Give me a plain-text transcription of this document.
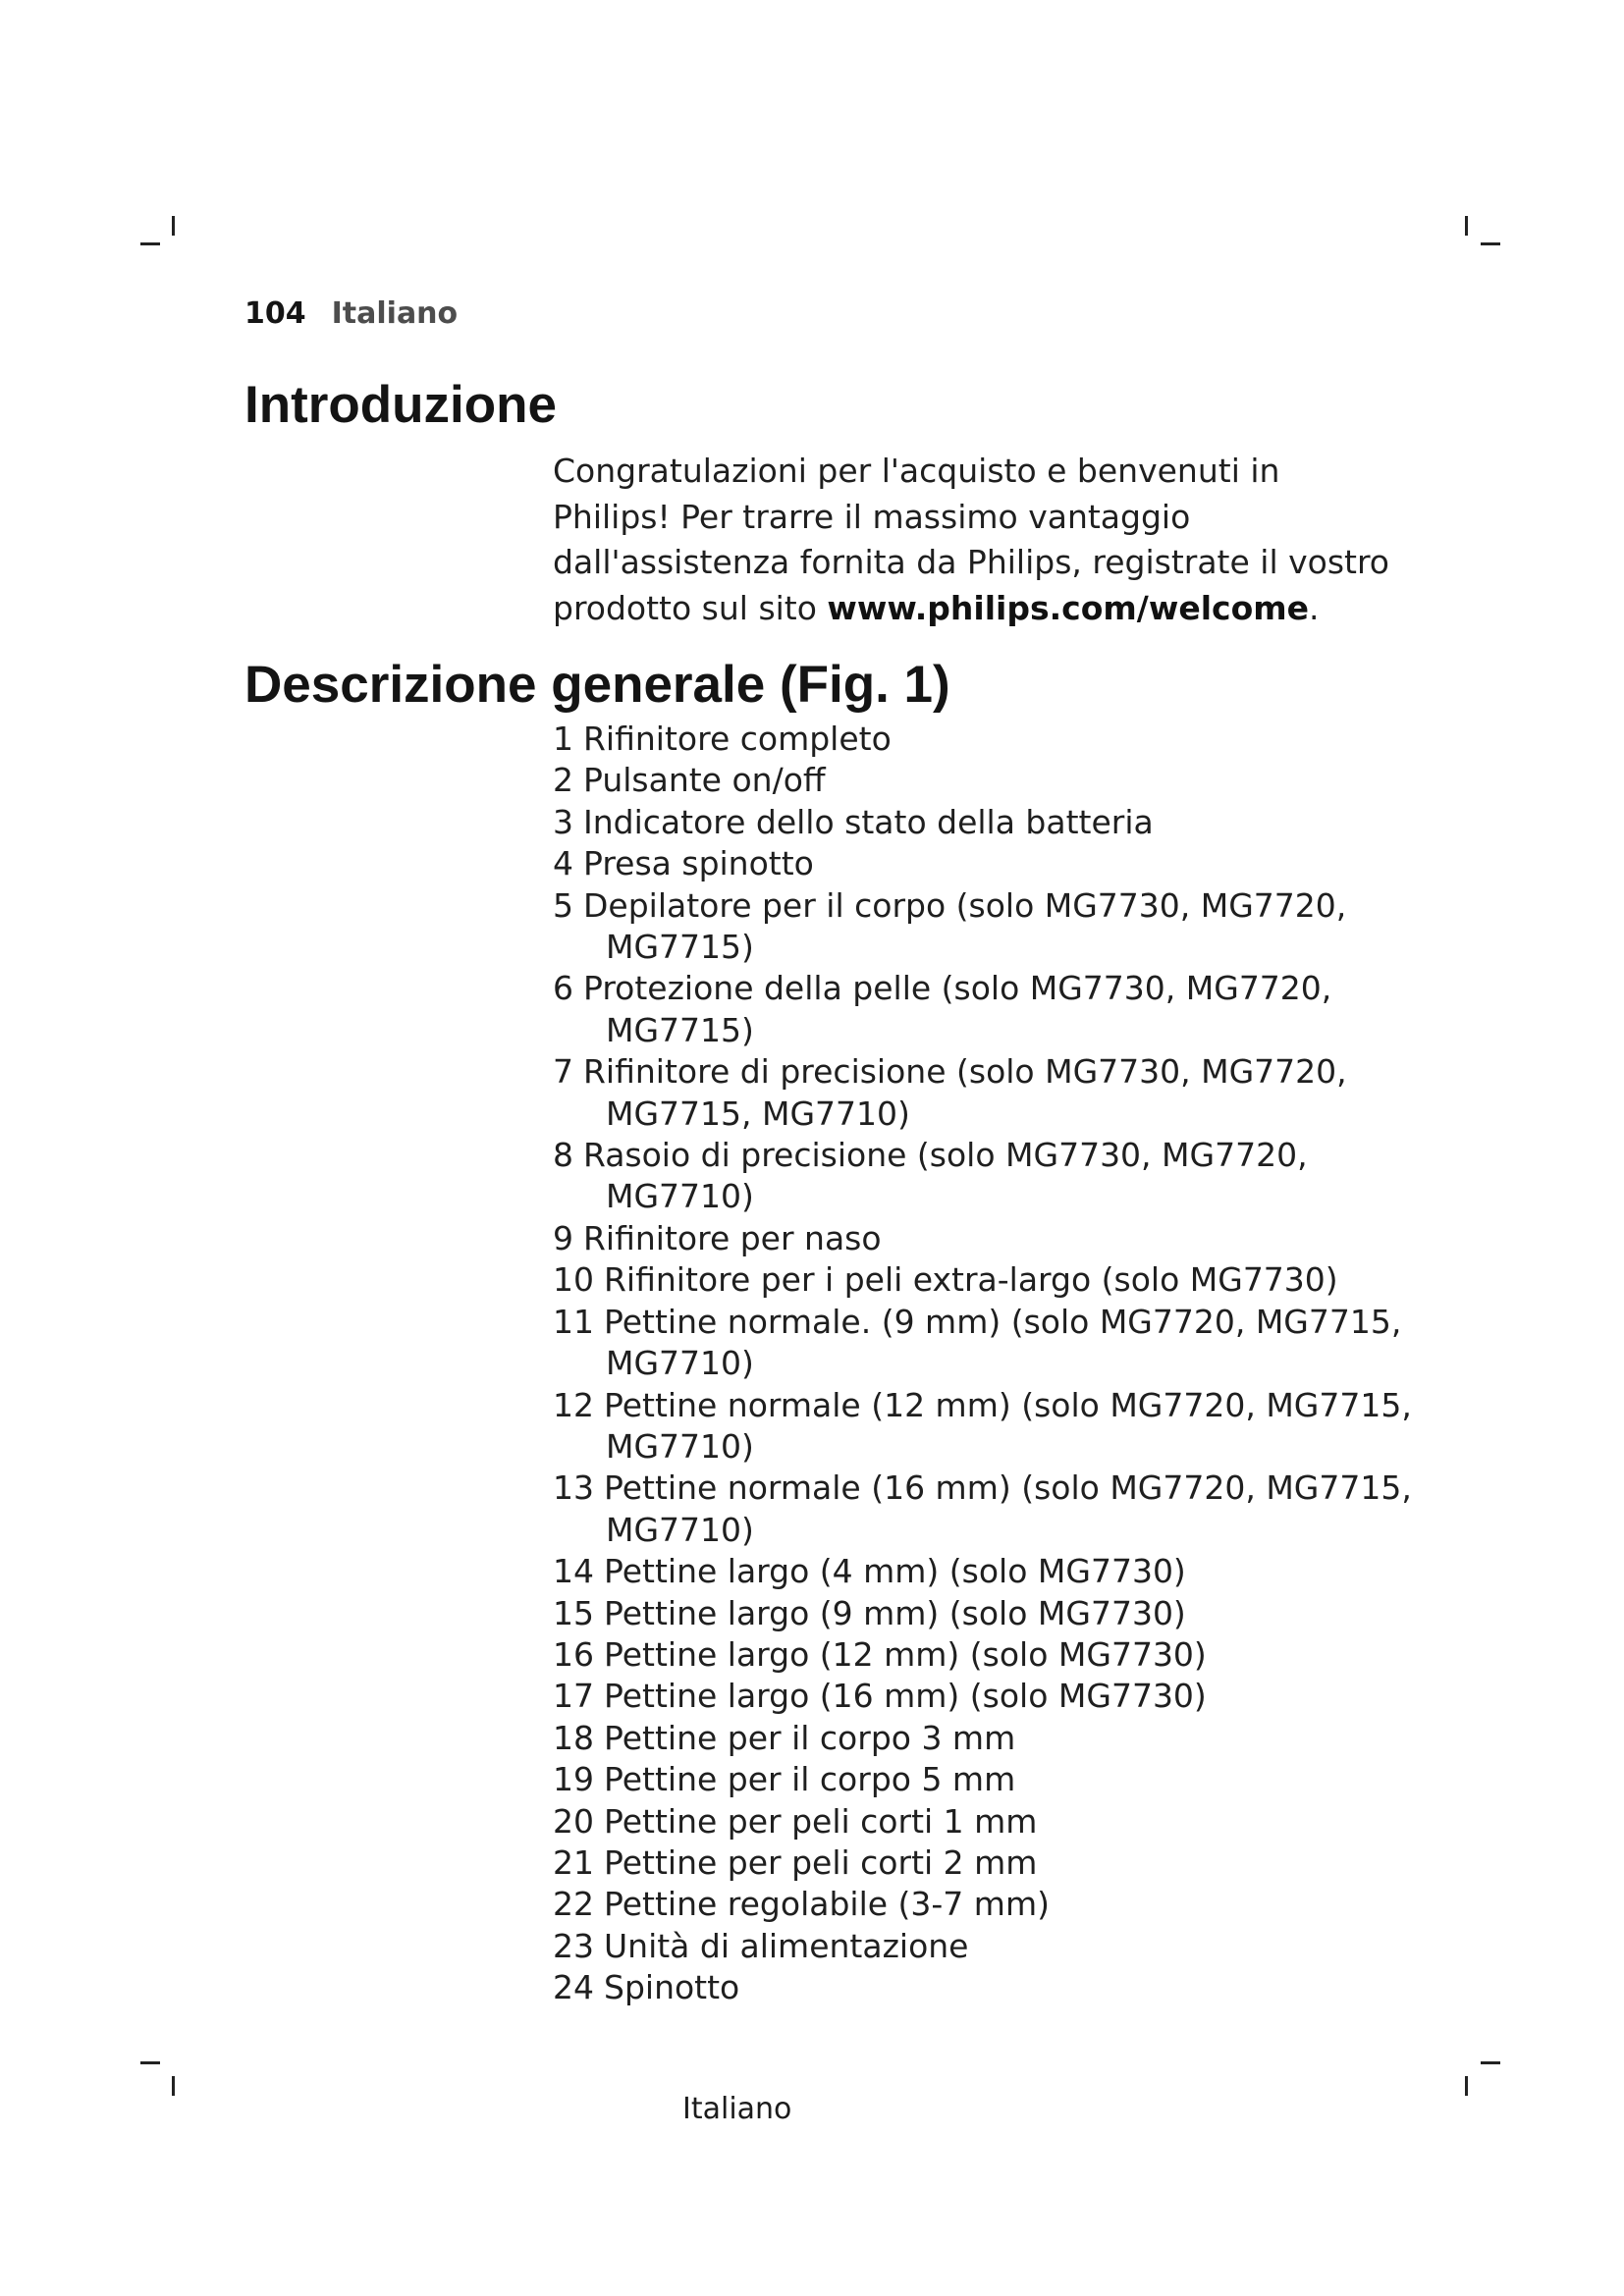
104 Italiano
Introduzione
Congratulazioni per l'acquisto e benvenuti in
Philips! Per trarre il massimo vantaggio
dall'assistenza fornita da Philips, registrate il vostro
prodotto sul sito www.philips.com/welcome.
Descrizione generale (Fig. 1)
1 Rifinitore completo
2 Pulsante on/off
3 Indicatore dello stato della batteria
4 Presa spinotto
5 Depilatore per il corpo (solo MG7730, MG7720,
MG7715)
6 Protezione della pelle (solo MG7730, MG7720,
MG7715)
7 Rifinitore di precisione (solo MG7730, MG7720,
MG7715, MG7710)
8 Rasoio di precisione (solo MG7730, MG7720,
MG7710)
9 Rifinitore per naso
10 Rifinitore per i peli extra-largo (solo MG7730)
11 Pettine normale. (9 mm) (solo MG7720, MG7715,
MG7710)
12 Pettine normale (12 mm) (solo MG7720, MG7715,
MG7710)
13 Pettine normale (16 mm) (solo MG7720, MG7715,
MG7710)
14 Pettine largo (4 mm) (solo MG7730)
15 Pettine largo (9 mm) (solo MG7730)
16 Pettine largo (12 mm) (solo MG7730)
17 Pettine largo (16 mm) (solo MG7730)
18 Pettine per il corpo 3 mm
19 Pettine per il corpo 5 mm
20 Pettine per peli corti 1 mm
21 Pettine per peli corti 2 mm
22 Pettine regolabile (3-7 mm)
23 Unità di alimentazione
24 Spinotto
Italiano
